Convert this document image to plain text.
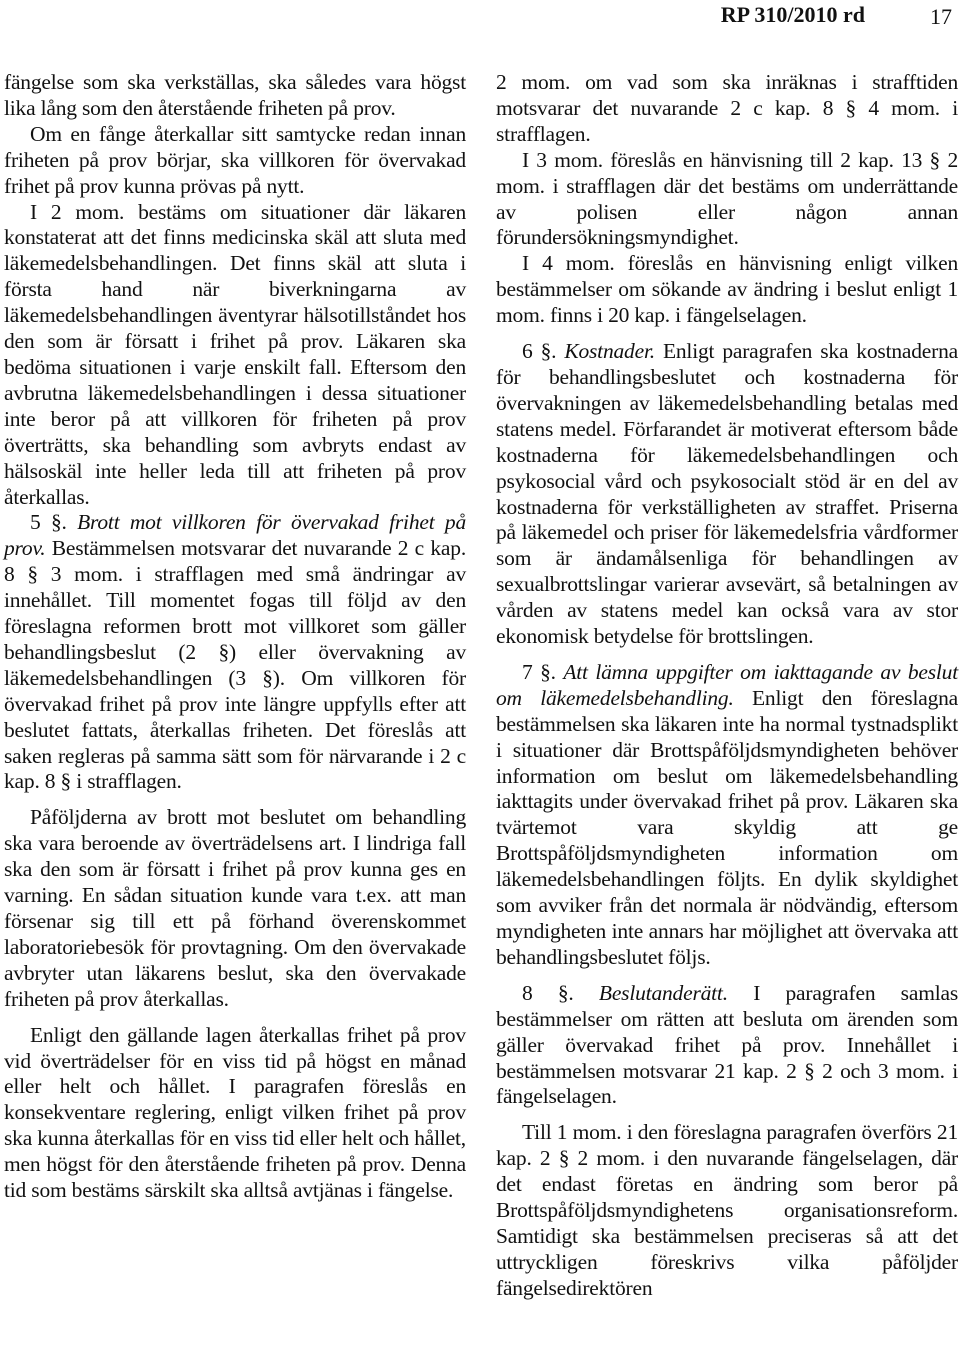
RP 310/2010 rd	17

fängelse som ska verkställas, ska således vara högst lika lång som den återstående friheten på prov.

Om en fånge återkallar sitt samtycke redan innan friheten på prov börjar, ska villkoren för övervakad frihet på prov kunna prövas på nytt.

I 2 mom. bestäms om situationer där läkaren konstaterat att det finns medicinska skäl att sluta med läkemedelsbehandlingen. Det finns skäl att sluta i första hand när biverkningarna av läkemedelsbehandlingen äventyrar hälsotillståndet hos den som är försatt i frihet på prov. Läkaren ska bedöma situationen i varje enskilt fall. Eftersom den avbrutna läkemedelsbehandlingen i dessa situationer inte beror på att villkoren för friheten på prov överträtts, ska behandling som avbryts endast av hälsoskäl inte heller leda till att friheten på prov återkallas.

5 §. Brott mot villkoren för övervakad frihet på prov. Bestämmelsen motsvarar det nuvarande 2 c kap. 8 § 3 mom. i strafflagen med små ändringar av innehållet. Till momentet fogas till följd av den föreslagna reformen brott mot villkoret som gäller behandlingsbeslut (2 §) eller övervakning av läkemedelsbehandlingen (3 §). Om villkoren för övervakad frihet på prov inte längre uppfylls efter att beslutet fattats, återkallas friheten. Det föreslås att saken regleras på samma sätt som för närvarande i 2 c kap. 8 § i strafflagen.

Påföljderna av brott mot beslutet om behandling ska vara beroende av överträdelsens art. I lindriga fall ska den som är försatt i frihet på prov kunna ges en varning. En sådan situation kunde vara t.ex. att man försenar sig till ett på förhand överenskommet laboratoriebesök för provtagning. Om den övervakade avbryter utan läkarens beslut, ska den övervakade friheten på prov återkallas.

Enligt den gällande lagen återkallas frihet på prov vid överträdelser för en viss tid på högst en månad eller helt och hållet. I paragrafen föreslås en konsekventare reglering, enligt vilken frihet på prov ska kunna återkallas för en viss tid eller helt och hållet, men högst för den återstående friheten på prov. Denna tid som bestäms särskilt ska alltså avtjänas i fängelse.

2 mom. om vad som ska inräknas i strafftiden motsvarar det nuvarande 2 c kap. 8 § 4 mom. i strafflagen.

I 3 mom. föreslås en hänvisning till 2 kap. 13 § 2 mom. i strafflagen där det bestäms om underrättande av polisen eller någon annan förundersökningsmyndighet.

I 4 mom. föreslås en hänvisning enligt vilken bestämmelser om sökande av ändring i beslut enligt 1 mom. finns i 20 kap. i fängelselagen.

6 §. Kostnader. Enligt paragrafen ska kostnaderna för behandlingsbeslutet och kostnaderna för övervakningen av läkemedelsbehandling betalas med statens medel. Förfarandet är motiverat eftersom både kostnaderna för läkemedelsbehandlingen och psykosocial vård och psykosocialt stöd är en del av kostnaderna för verkställigheten av straffet. Priserna på läkemedel och priser för läkemedelsfria vårdformer som är ändamålsenliga för behandlingen av sexualbrottslingar varierar avsevärt, så betalningen av vården av statens medel kan också vara av stor ekonomisk betydelse för brottslingen.

7 §. Att lämna uppgifter om iakttagande av beslut om läkemedelsbehandling. Enligt den föreslagna bestämmelsen ska läkaren inte ha normal tystnadsplikt i situationer där Brottspåföljdsmyndigheten behöver information om beslut om läkemedelsbehandling iakttagits under övervakad frihet på prov. Läkaren ska tvärtemot vara skyldig att ge Brottspåföljdsmyndigheten information om läkemedelsbehandlingen följts. En dylik skyldighet som avviker från det normala är nödvändig, eftersom myndigheten inte annars har möjlighet att övervaka att behandlingsbeslutet följs.

8 §. Beslutanderätt. I paragrafen samlas bestämmelser om rätten att besluta om ärenden som gäller övervakad frihet på prov. Innehållet i bestämmelsen motsvarar 21 kap. 2 § 2 och 3 mom. i fängelselagen.

Till 1 mom. i den föreslagna paragrafen överförs 21 kap. 2 § 2 mom. i den nuvarande fängelselagen, där det endast företas en ändring som beror på Brottspåföljdsmyndighetens organisationsreform. Samtidigt ska bestämmelsen preciseras så att det uttryckligen föreskrivs vilka påföljder fängelsedirektören
